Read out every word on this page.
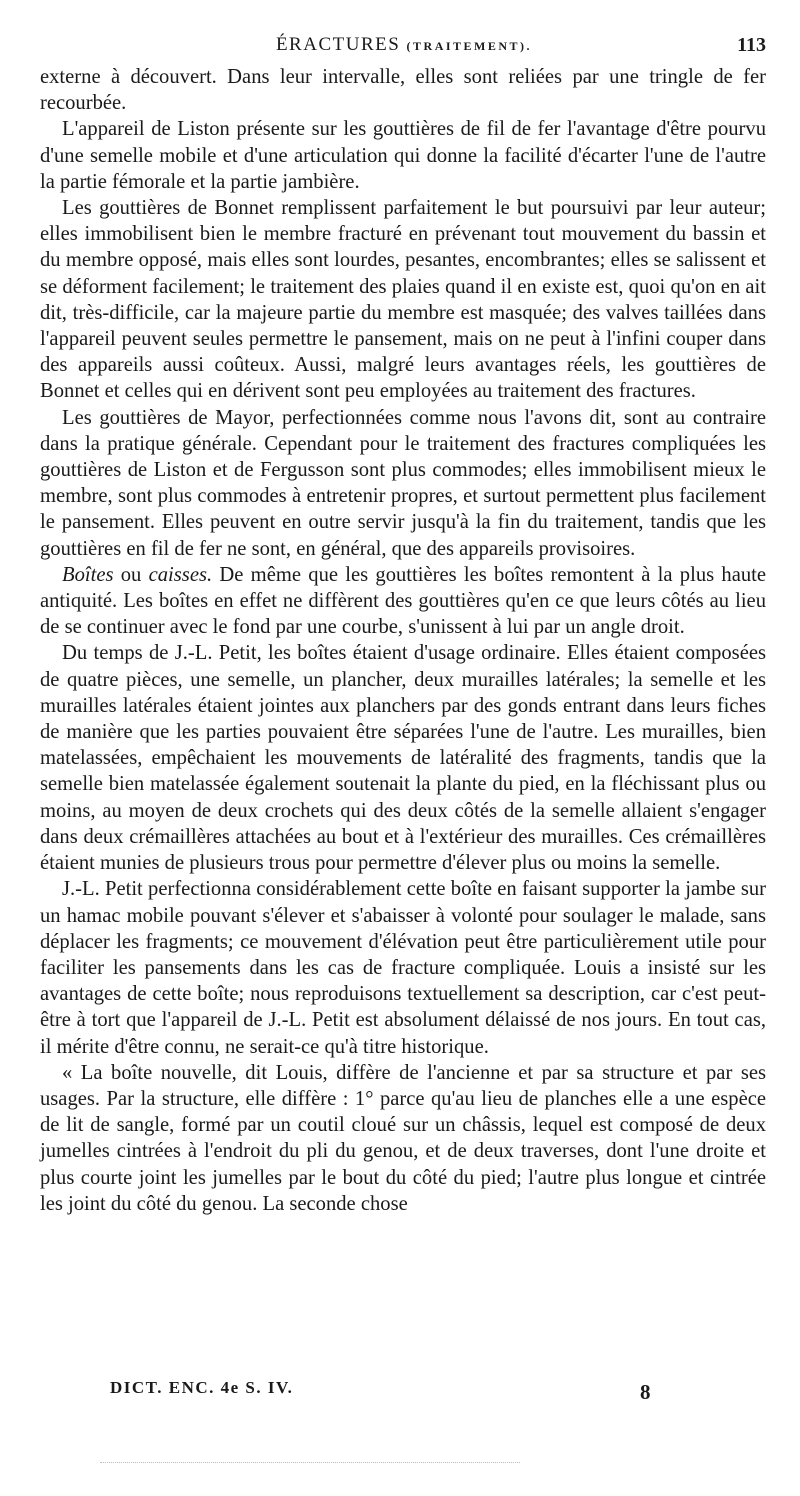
ÉRACTURES (TRAITEMENT).	113

externe à découvert. Dans leur intervalle, elles sont reliées par une tringle de fer recourbée.

L'appareil de Liston présente sur les gouttières de fil de fer l'avantage d'être pourvu d'une semelle mobile et d'une articulation qui donne la facilité d'écarter l'une de l'autre la partie fémorale et la partie jambière.

Les gouttières de Bonnet remplissent parfaitement le but poursuivi par leur auteur; elles immobilisent bien le membre fracturé en prévenant tout mouvement du bassin et du membre opposé, mais elles sont lourdes, pesantes, encombrantes; elles se salissent et se déforment facilement; le traitement des plaies quand il en existe est, quoi qu'on en ait dit, très-difficile, car la majeure partie du membre est masquée; des valves taillées dans l'appareil peuvent seules permettre le pansement, mais on ne peut à l'infini couper dans des appareils aussi coûteux. Aussi, malgré leurs avantages réels, les gouttières de Bonnet et celles qui en dérivent sont peu employées au traitement des fractures.

Les gouttières de Mayor, perfectionnées comme nous l'avons dit, sont au contraire dans la pratique générale. Cependant pour le traitement des fractures compliquées les gouttières de Liston et de Fergusson sont plus commodes; elles immobilisent mieux le membre, sont plus commodes à entretenir propres, et surtout permettent plus facilement le pansement. Elles peuvent en outre servir jusqu'à la fin du traitement, tandis que les gouttières en fil de fer ne sont, en général, que des appareils provisoires.

Boîtes ou caisses. De même que les gouttières les boîtes remontent à la plus haute antiquité. Les boîtes en effet ne diffèrent des gouttières qu'en ce que leurs côtés au lieu de se continuer avec le fond par une courbe, s'unissent à lui par un angle droit.

Du temps de J.-L. Petit, les boîtes étaient d'usage ordinaire. Elles étaient composées de quatre pièces, une semelle, un plancher, deux murailles latérales; la semelle et les murailles latérales étaient jointes aux planchers par des gonds entrant dans leurs fiches de manière que les parties pouvaient être séparées l'une de l'autre. Les murailles, bien matelassées, empêchaient les mouvements de latéralité des fragments, tandis que la semelle bien matelassée également soutenait la plante du pied, en la fléchissant plus ou moins, au moyen de deux crochets qui des deux côtés de la semelle allaient s'engager dans deux crémaillères attachées au bout et à l'extérieur des murailles. Ces crémaillères étaient munies de plusieurs trous pour permettre d'élever plus ou moins la semelle.

J.-L. Petit perfectionna considérablement cette boîte en faisant supporter la jambe sur un hamac mobile pouvant s'élever et s'abaisser à volonté pour soulager le malade, sans déplacer les fragments; ce mouvement d'élévation peut être particulièrement utile pour faciliter les pansements dans les cas de fracture compliquée. Louis a insisté sur les avantages de cette boîte; nous reproduisons textuellement sa description, car c'est peut-être à tort que l'appareil de J.-L. Petit est absolument délaissé de nos jours. En tout cas, il mérite d'être connu, ne serait-ce qu'à titre historique.

« La boîte nouvelle, dit Louis, diffère de l'ancienne et par sa structure et par ses usages. Par la structure, elle diffère : 1° parce qu'au lieu de planches elle a une espèce de lit de sangle, formé par un coutil cloué sur un châssis, lequel est composé de deux jumelles cintrées à l'endroit du pli du genou, et de deux traverses, dont l'une droite et plus courte joint les jumelles par le bout du côté du pied; l'autre plus longue et cintrée les joint du côté du genou. La seconde chose

DICT. ENC. 4e S. IV.	8
